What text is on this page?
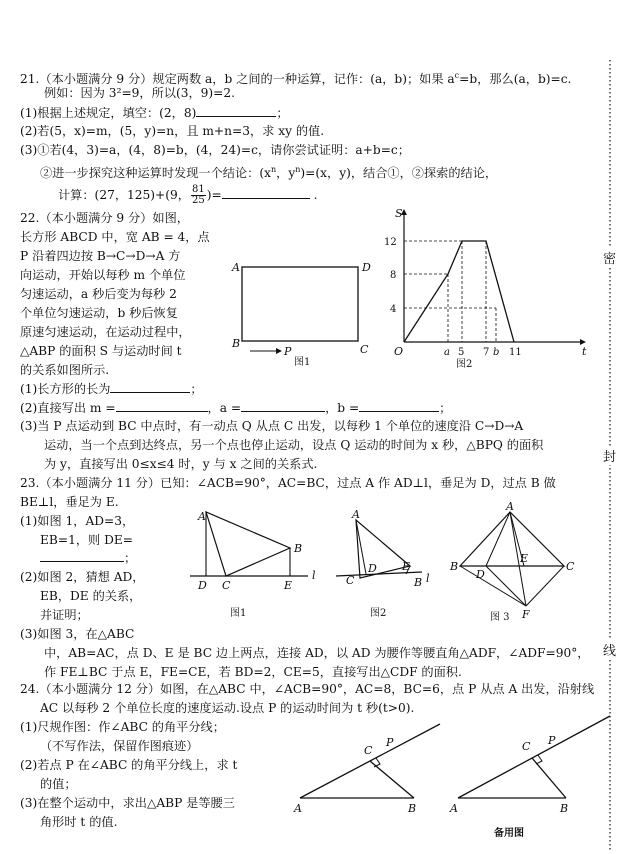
21.（本小题满分 9 分）规定两数 a，b 之间的一种运算，记作：(a，b)；如果 $a^c=b$，那么(a，b)=c.
例如：因为 3²=9，所以(3，9)=2.
(1)根据上述规定，填空：(2，8)	；
(2)若(5，x)=m，(5，y)=n，且 m+n=3，求 xy 的值.
(3)①若(4，3)=a，(4，8)=b，(4，24)=c，请你尝试证明：a+b=c；
②进一步探究这种运算时发现一个结论：($x^n$，$y^n)=(x$，y)，结合①，②探索的结论，
计算：(27，125)+(9， $\frac{81}{25}$ )=	.
22.（本小题满分 9 分）如图，
长方形 ABCD 中，宽 AB = 4，点
P 沿着四边按 B→C→D→A 方
向运动，开始以每秒 m 个单位
匀速运动，a 秒后变为每秒 2
个单位匀速运动，b 秒后恢复
原速匀速运动，在运动过程中，
△ABP 的面积 S 与运动时间 t
的关系如图所示.
A	D
B	C
P
图1
S
t
O
12
8
4
a 5 7 b 11
图2
(1)长方形的长为	；
(2)直接写出 m =	，a =	，b =	；
(3)当 P 点运动到 BC 中点时，有一动点 Q 从点 C 出发，以每秒 1 个单位的速度沿 C→D→A
运动，当一个点到达终点，另一个点也停止运动，设点 Q 运动的时间为 x 秒，△BPQ 的面积
为 y，直接写出 0≤x≤4 时，y 与 x 之间的关系式.
23.（本小题满分 11 分）已知：∠ACB=90°，AC=BC，过点 A 作 AD⊥l，垂足为 D，过点 B 做
BE⊥l，垂足为 E.
(1)如图 1，AD=3，
EB=1，则 DE=
；
(2)如图 2，猜想 AD，
EB，DE 的关系，
并证明；
(3)如图 3，在△ABC
中，AB=AC，点 D、E 是 BC 边上两点，连接 AD，以 AD 为腰作等腰直角△ADF，∠ADF=90°，
作 FE⊥BC 于点 E，FE=CE，若 BD=2，CE=5，直接写出△CDF 的面积.
A
B
C
D	E
l
图1
A
B
C
D E
l
图2
A
B	C
D
E
F
图 3
24.（本小题满分 12 分）如图，在△ABC 中，∠ACB=90°，AC=8，BC=6，点 P 从点 A 出发，沿射线
AC 以每秒 2 个单位长度的速度运动.设点 P 的运动时间为 t 秒(t>0).
(1)尺规作图：作∠ABC 的角平分线；
（不写作法，保留作图痕迹）
(2)若点 P 在∠ABC 的角平分线上，求 t
的值；
(3)在整个运动中，求出△ABP 是等腰三
角形时 t 的值.
A	B
C
P
A	B
C P
备用图
密
封
线
